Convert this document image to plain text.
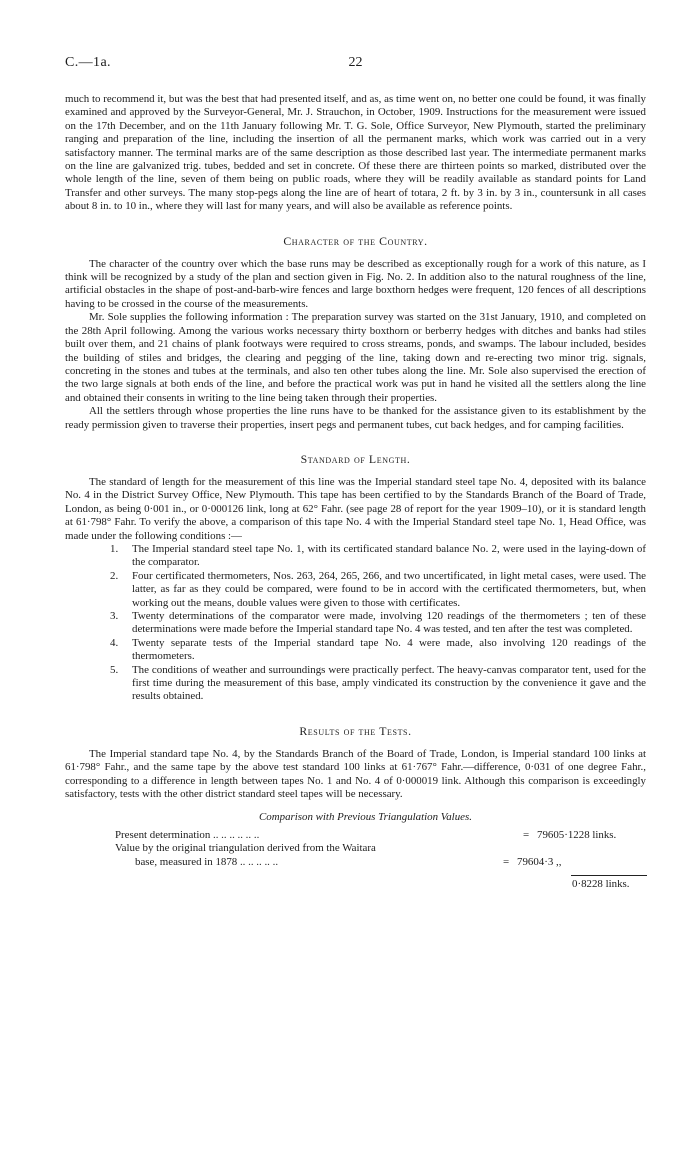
C.—1a.	22

much to recommend it, but was the best that had presented itself, and as, as time went on, no better one could be found, it was finally examined and approved by the Surveyor-General, Mr. J. Strauchon, in October, 1909. Instructions for the measurement were issued on the 17th December, and on the 11th January following Mr. T. G. Sole, Office Surveyor, New Plymouth, started the preliminary ranging and preparation of the line, including the insertion of all the permanent marks, which work was carried out in a very satisfactory manner. The terminal marks are of the same description as those described last year. The intermediate permanent marks on the line are galvanized trig. tubes, bedded and set in concrete. Of these there are thirteen points so marked, distributed over the whole length of the line, seven of them being on public roads, where they will be readily available as standard points for Land Transfer and other surveys. The many stop-pegs along the line are of heart of totara, 2 ft. by 3 in. by 3 in., countersunk in all cases about 8 in. to 10 in., where they will last for many years, and will also be available as reference points.

Character of the Country.

The character of the country over which the base runs may be described as exceptionally rough for a work of this nature, as I think will be recognized by a study of the plan and section given in Fig. No. 2. In addition also to the natural roughness of the line, artificial obstacles in the shape of post-and-barb-wire fences and large boxthorn hedges were frequent, 120 fences of all descriptions having to be crossed in the course of the measurements.

Mr. Sole supplies the following information : The preparation survey was started on the 31st January, 1910, and completed on the 28th April following. Among the various works necessary thirty boxthorn or berberry hedges with ditches and banks had stiles built over them, and 21 chains of plank footways were required to cross streams, ponds, and swamps. The labour included, besides the building of stiles and bridges, the clearing and pegging of the line, taking down and re-erecting two minor trig. signals, concreting in the stones and tubes at the terminals, and also ten other tubes along the line. Mr. Sole also supervised the erection of the two large signals at both ends of the line, and before the practical work was put in hand he visited all the settlers along the line and obtained their consents in writing to the line being taken through their properties.

All the settlers through whose properties the line runs have to be thanked for the assistance given to its establishment by the ready permission given to traverse their properties, insert pegs and permanent tubes, cut back hedges, and for camping facilities.

Standard of Length.

The standard of length for the measurement of this line was the Imperial standard steel tape No. 4, deposited with its balance No. 4 in the District Survey Office, New Plymouth. This tape has been certified to by the Standards Branch of the Board of Trade, London, as being 0·001 in., or 0·000126 link, long at 62° Fahr. (see page 28 of report for the year 1909–10), or it is standard length at 61·798° Fahr. To verify the above, a comparison of this tape No. 4 with the Imperial Standard steel tape No. 1, Head Office, was made under the following conditions :—

1. The Imperial standard steel tape No. 1, with its certificated standard balance No. 2, were used in the laying-down of the comparator.
2. Four certificated thermometers, Nos. 263, 264, 265, 266, and two uncertificated, in light metal cases, were used. The latter, as far as they could be compared, were found to be in accord with the certificated thermometers, but, when working out the means, double values were given to those with certificates.
3. Twenty determinations of the comparator were made, involving 120 readings of the thermometers ; ten of these determinations were made before the Imperial standard tape No. 4 was tested, and ten after the test was completed.
4. Twenty separate tests of the Imperial standard tape No. 4 were made, also involving 120 readings of the thermometers.
5. The conditions of weather and surroundings were practically perfect. The heavy-canvas comparator tent, used for the first time during the measurement of this base, amply vindicated its construction by the convenience it gave and the results obtained.
Results of the Tests.

The Imperial standard tape No. 4, by the Standards Branch of the Board of Trade, London, is Imperial standard 100 links at 61·798° Fahr., and the same tape by the above test standard 100 links at 61·767° Fahr.—difference, 0·031 of one degree Fahr., corresponding to a difference in length between tapes No. 1 and No. 4 of 0·000019 link. Although this comparison is exceedingly satisfactory, tests with the other district standard steel tapes will be necessary.

Comparison with Previous Triangulation Values.
Present determination .. .. .. .. .. ..	= 79605·1228 links.
Value by the original triangulation derived from the Waitara
base, measured in 1878 .. .. .. .. ..	= 79604·3 ,,
0·8228 links.
